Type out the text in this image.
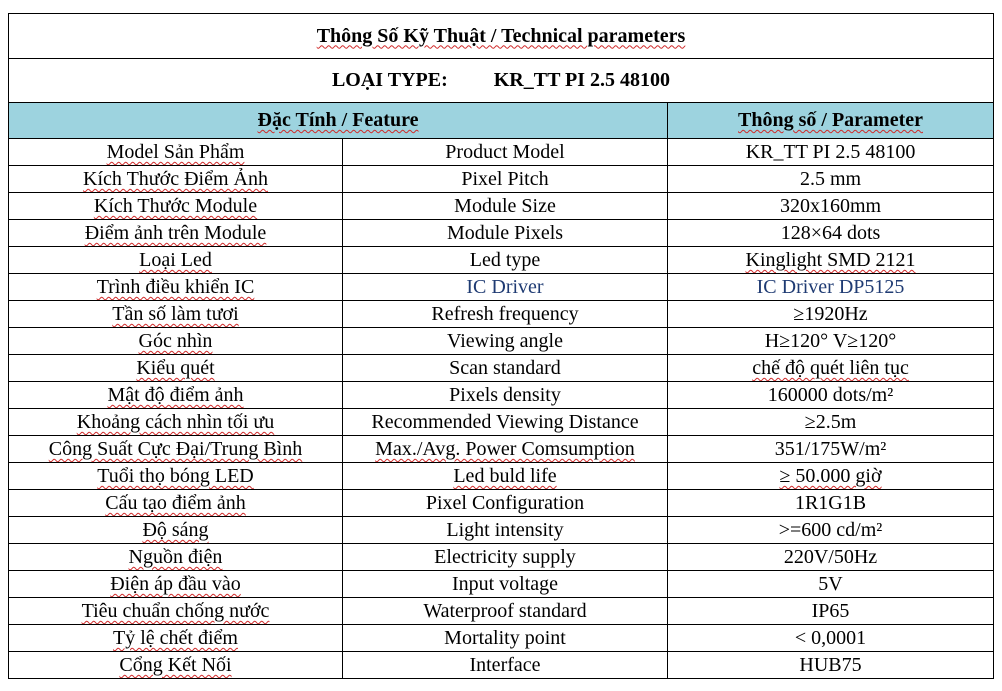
Thông Số Kỹ Thuật / Technical parameters		
LOẠI TYPE: KR_TT PI 2.5 48100		
Đặc Tính / Feature		Thông số / Parameter
Model Sản Phẩm	Product Model	KR_TT PI 2.5 48100
Kích Thước Điểm Ảnh	Pixel Pitch	2.5 mm
Kích Thước Module	Module Size	320x160mm
Điểm ảnh trên Module	Module Pixels	128×64 dots
Loại Led	Led type	Kinglight SMD 2121
Trình điều khiển IC	IC Driver	IC Driver DP5125
Tần số làm tươi	Refresh frequency	≥1920Hz
Góc nhìn	Viewing angle	H≥120° V≥120°
Kiểu quét	Scan standard	chế độ quét liên tục
Mật độ điểm ảnh	Pixels density	160000 dots/m²
Khoảng cách nhìn tối ưu	Recommended Viewing Distance	≥2.5m
Công Suất Cực Đại/Trung Bình	Max./Avg. Power Comsumption	351/175W/m²
Tuổi thọ bóng LED	Led buld life	≥ 50.000 giờ
Cấu tạo điểm ảnh	Pixel Configuration	1R1G1B
Độ sáng	Light intensity	>=600 cd/m²
Nguồn điện	Electricity supply	220V/50Hz
Điện áp đầu vào	Input voltage	5V
Tiêu chuẩn chống nước	Waterproof standard	IP65
Tỷ lệ chết điểm	Mortality point	< 0,0001
Cổng Kết Nối	Interface	HUB75
